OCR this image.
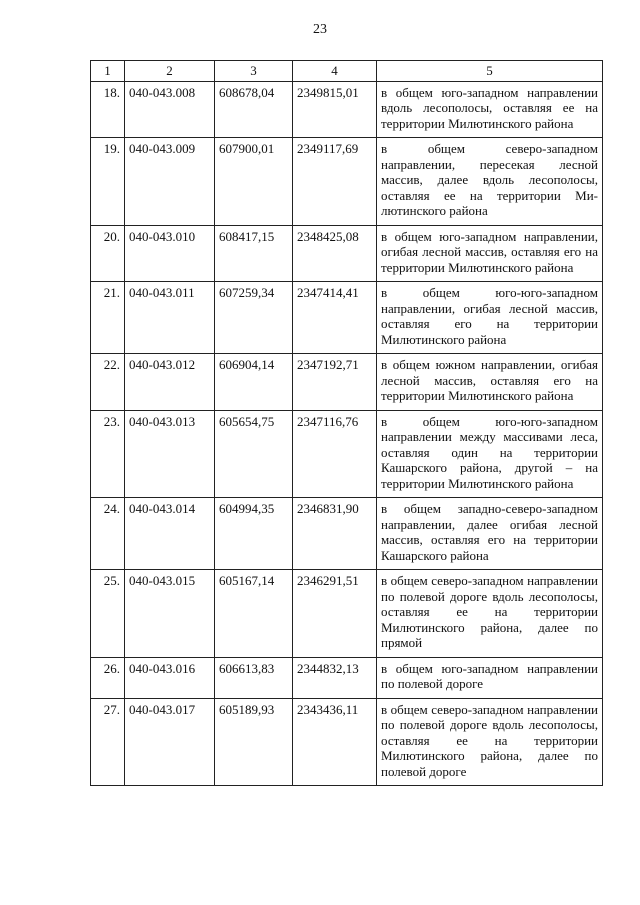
23
1	2	3	4	5
18.	040-043.008	608678,04	2349815,01	в общем юго-западном направлении вдоль лесополосы, оставляя ее на территории Милютинского района
19.	040-043.009	607900,01	2349117,69	в общем северо-западном направлении, пересекая лесной массив, далее вдоль лесополосы, оставляя ее на территории Милютинского района
20.	040-043.010	608417,15	2348425,08	в общем юго-западном направлении, огибая лесной массив, оставляя его на территории Милютинского района
21.	040-043.011	607259,34	2347414,41	в общем юго-юго-западном направлении, огибая лесной массив, оставляя его на территории Милютинского района
22.	040-043.012	606904,14	2347192,71	в общем южном направлении, огибая лесной массив, оставляя его на территории Милютинского района
23.	040-043.013	605654,75	2347116,76	в общем юго-юго-западном направлении между массивами леса, оставляя один на территории Кашарского района, другой – на территории Милютинского района
24.	040-043.014	604994,35	2346831,90	в общем западно-северо-западном направлении, далее огибая лесной массив, оставляя его на территории Кашарского района
25.	040-043.015	605167,14	2346291,51	в общем северо-западном направлении по полевой дороге вдоль лесополосы, оставляя ее на территории Милютинского района, далее по прямой
26.	040-043.016	606613,83	2344832,13	в общем юго-западном направлении по полевой дороге
27.	040-043.017	605189,93	2343436,11	в общем северо-западном направлении по полевой дороге вдоль лесополосы, оставляя ее на территории Милютинского района, далее по полевой дороге
